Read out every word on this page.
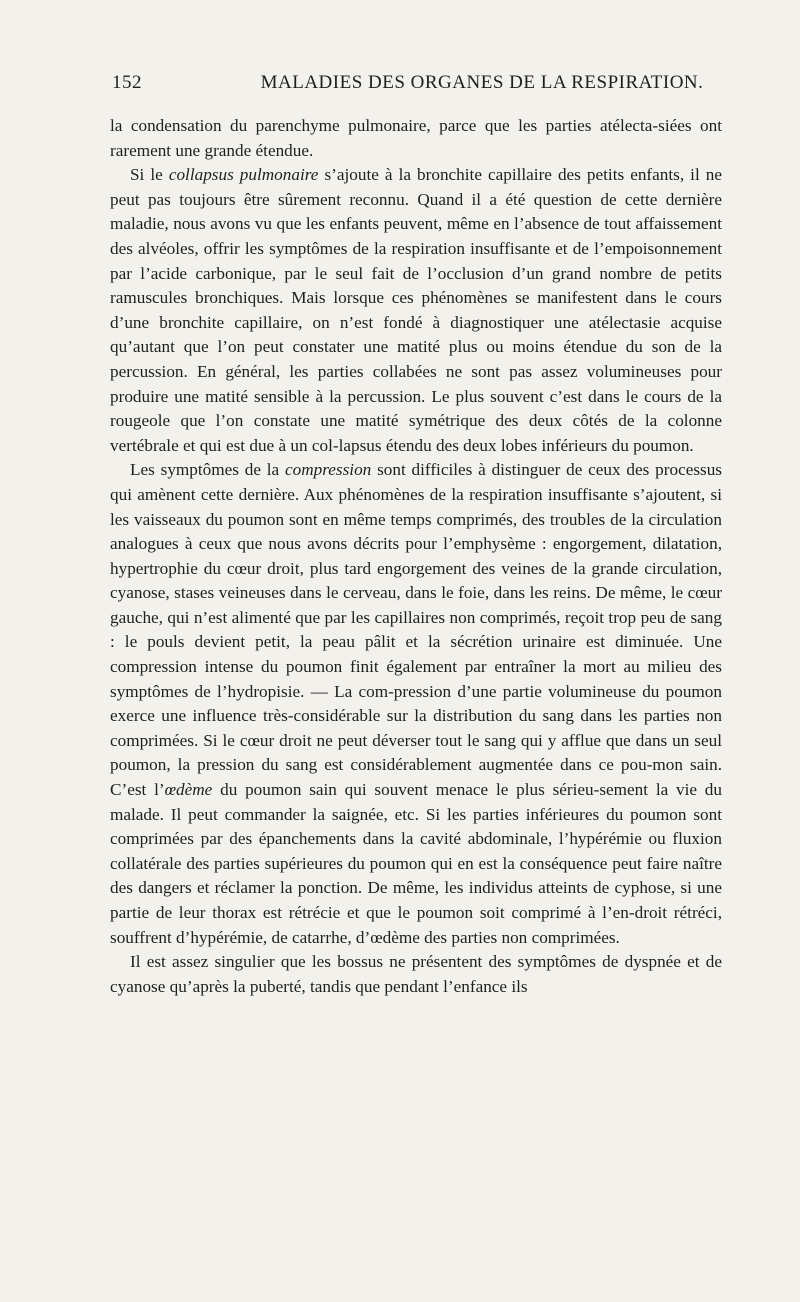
152	MALADIES DES ORGANES DE LA RESPIRATION.

la condensation du parenchyme pulmonaire, parce que les parties atélecta-siées ont rarement une grande étendue.

Si le collapsus pulmonaire s’ajoute à la bronchite capillaire des petits enfants, il ne peut pas toujours être sûrement reconnu. Quand il a été question de cette dernière maladie, nous avons vu que les enfants peuvent, même en l’absence de tout affaissement des alvéoles, offrir les symptômes de la respiration insuffisante et de l’empoisonnement par l’acide carbonique, par le seul fait de l’occlusion d’un grand nombre de petits ramuscules bronchiques. Mais lorsque ces phénomènes se manifestent dans le cours d’une bronchite capillaire, on n’est fondé à diagnostiquer une atélectasie acquise qu’autant que l’on peut constater une matité plus ou moins étendue du son de la percussion. En général, les parties collabées ne sont pas assez volumineuses pour produire une matité sensible à la percussion. Le plus souvent c’est dans le cours de la rougeole que l’on constate une matité symétrique des deux côtés de la colonne vertébrale et qui est due à un col-lapsus étendu des deux lobes inférieurs du poumon.

Les symptômes de la compression sont difficiles à distinguer de ceux des processus qui amènent cette dernière. Aux phénomènes de la respiration insuffisante s’ajoutent, si les vaisseaux du poumon sont en même temps comprimés, des troubles de la circulation analogues à ceux que nous avons décrits pour l’emphysème : engorgement, dilatation, hypertrophie du cœur droit, plus tard engorgement des veines de la grande circulation, cyanose, stases veineuses dans le cerveau, dans le foie, dans les reins. De même, le cœur gauche, qui n’est alimenté que par les capillaires non comprimés, reçoit trop peu de sang : le pouls devient petit, la peau pâlit et la sécrétion urinaire est diminuée. Une compression intense du poumon finit également par entraîner la mort au milieu des symptômes de l’hydropisie. — La com-pression d’une partie volumineuse du poumon exerce une influence très-considérable sur la distribution du sang dans les parties non comprimées. Si le cœur droit ne peut déverser tout le sang qui y afflue que dans un seul poumon, la pression du sang est considérablement augmentée dans ce pou-mon sain. C’est l’œdème du poumon sain qui souvent menace le plus sérieu-sement la vie du malade. Il peut commander la saignée, etc. Si les parties inférieures du poumon sont comprimées par des épanchements dans la cavité abdominale, l’hypérémie ou fluxion collatérale des parties supérieures du poumon qui en est la conséquence peut faire naître des dangers et réclamer la ponction. De même, les individus atteints de cyphose, si une partie de leur thorax est rétrécie et que le poumon soit comprimé à l’en-droit rétréci, souffrent d’hypérémie, de catarrhe, d’œdème des parties non comprimées.

Il est assez singulier que les bossus ne présentent des symptômes de dyspnée et de cyanose qu’après la puberté, tandis que pendant l’enfance ils
